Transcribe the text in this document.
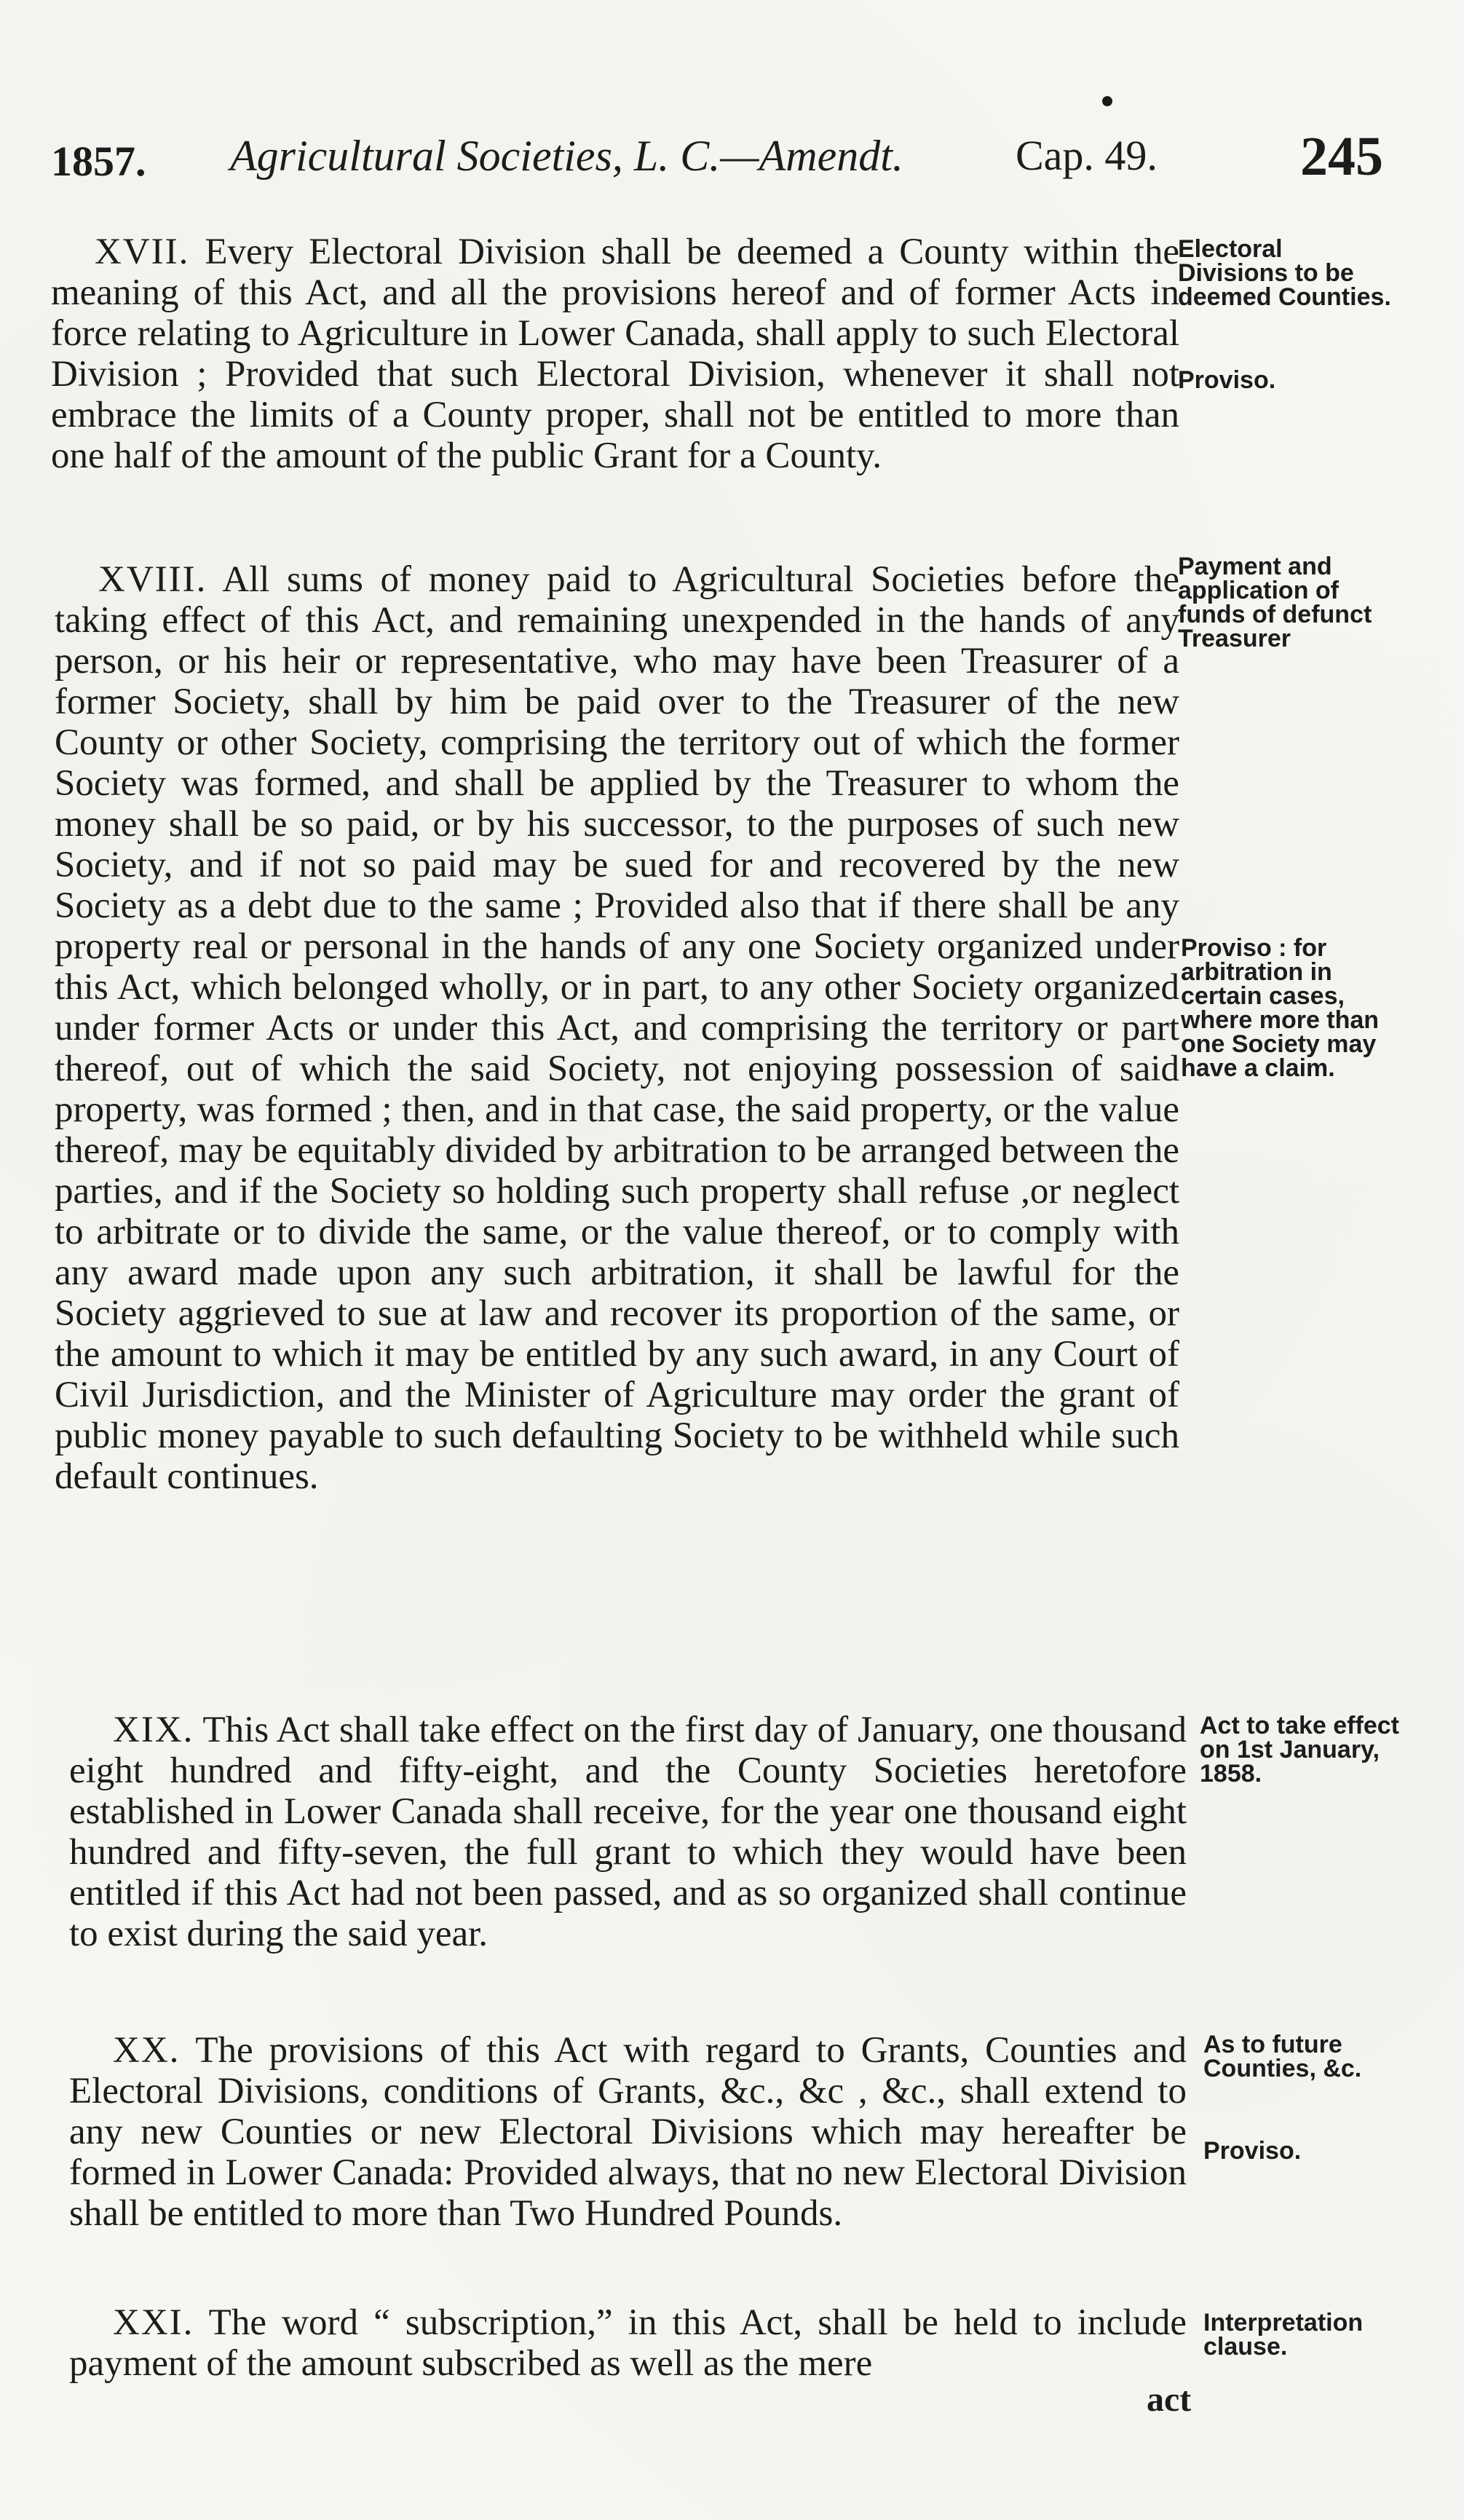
1857. Agricultural Societies, L. C.—Amendt.	Cap. 49.	245

XVII. Every Electoral Division shall be deemed a County within the meaning of this Act, and all the provisions hereof and of former Acts in force relating to Agriculture in Lower Canada, shall apply to such Electoral Division ; Provided that such Electoral Division, whenever it shall not embrace the limits of a County proper, shall not be entitled to more than one half of the amount of the public Grant for a County.

Electoral Divisions to be deemed Counties.

Proviso.

XVIII. All sums of money paid to Agricultural Societies before the taking effect of this Act, and remaining unexpended in the hands of any person, or his heir or representative, who may have been Treasurer of a former Society, shall by him be paid over to the Treasurer of the new County or other Society, comprising the territory out of which the former Society was formed, and shall be applied by the Treasurer to whom the money shall be so paid, or by his successor, to the purposes of such new Society, and if not so paid may be sued for and recovered by the new Society as a debt due to the same ; Provided also that if there shall be any property real or personal in the hands of any one Society organized under this Act, which belonged wholly, or in part, to any other Society organized under former Acts or under this Act, and comprising the territory or part thereof, out of which the said Society, not enjoying possession of said property, was formed ; then, and in that case, the said property, or the value thereof, may be equitably divided by arbitration to be arranged between the parties, and if the Society so holding such property shall refuse ,or neglect to arbitrate or to divide the same, or the value thereof, or to comply with any award made upon any such arbitration, it shall be lawful for the Society aggrieved to sue at law and recover its proportion of the same, or the amount to which it may be entitled by any such award, in any Court of Civil Jurisdiction, and the Minister of Agriculture may order the grant of public money payable to such defaulting Society to be withheld while such default continues.

Payment and application of funds of defunct Treasurer

Proviso : for arbitration in certain cases, where more than one Society may have a claim.

XIX. This Act shall take effect on the first day of January, one thousand eight hundred and fifty-eight, and the County Societies heretofore established in Lower Canada shall receive, for the year one thousand eight hundred and fifty-seven, the full grant to which they would have been entitled if this Act had not been passed, and as so organized shall continue to exist during the said year.

Act to take effect on 1st January, 1858.

XX. The provisions of this Act with regard to Grants, Counties and Electoral Divisions, conditions of Grants, &c., &c , &c., shall extend to any new Counties or new Electoral Divisions which may hereafter be formed in Lower Canada: Provided always, that no new Electoral Division shall be entitled to more than Two Hundred Pounds.

As to future Counties, &c.

Proviso.

XXI. The word “ subscription,” in this Act, shall be held to include payment of the amount subscribed as well as the mere

Interpretation clause.

act
